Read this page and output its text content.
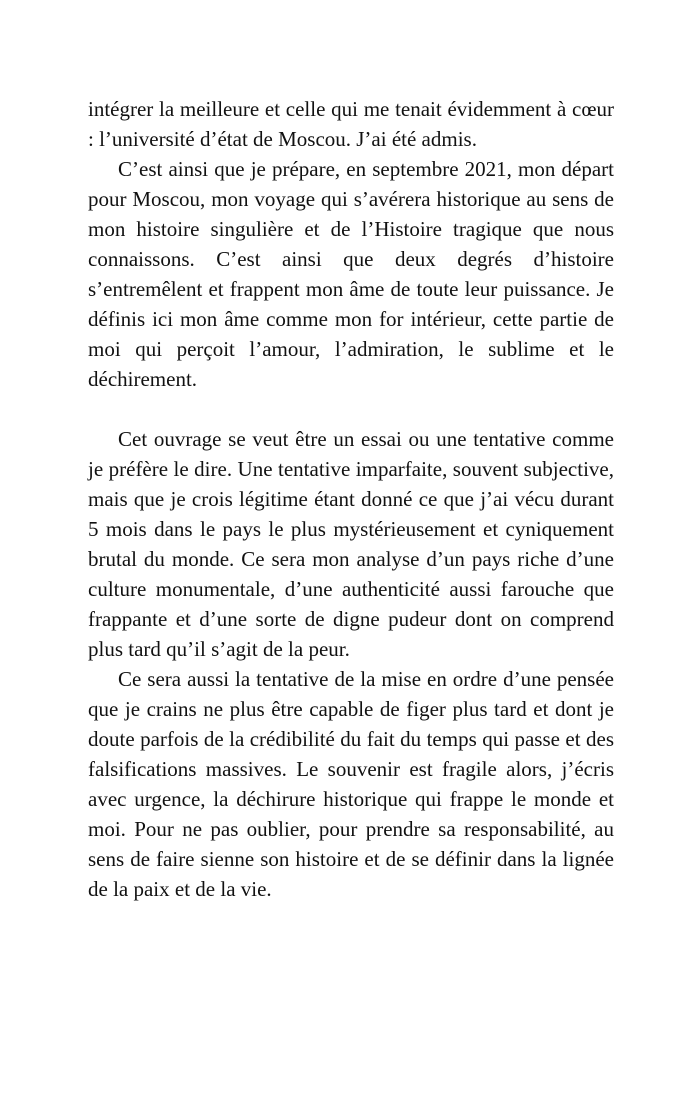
intégrer la meilleure et celle qui me tenait évidemment à cœur : l’université d’état de Moscou. J’ai été admis.

C’est ainsi que je prépare, en septembre 2021, mon départ pour Moscou, mon voyage qui s’avérera historique au sens de mon histoire singulière et de l’Histoire tragique que nous connaissons. C’est ainsi que deux degrés d’histoire s’entremêlent et frappent mon âme de toute leur puissance. Je définis ici mon âme comme mon for intérieur, cette partie de moi qui perçoit l’amour, l’admiration, le sublime et le déchirement.

Cet ouvrage se veut être un essai ou une tentative comme je préfère le dire. Une tentative imparfaite, souvent subjective, mais que je crois légitime étant donné ce que j’ai vécu durant 5 mois dans le pays le plus mystérieusement et cyniquement brutal du monde. Ce sera mon analyse d’un pays riche d’une culture monumentale, d’une authenticité aussi farouche que frappante et d’une sorte de digne pudeur dont on comprend plus tard qu’il s’agit de la peur.

Ce sera aussi la tentative de la mise en ordre d’une pensée que je crains ne plus être capable de figer plus tard et dont je doute parfois de la crédibilité du fait du temps qui passe et des falsifications massives. Le souvenir est fragile alors, j’écris avec urgence, la déchirure historique qui frappe le monde et moi. Pour ne pas oublier, pour prendre sa responsabilité, au sens de faire sienne son histoire et de se définir dans la lignée de la paix et de la vie.
